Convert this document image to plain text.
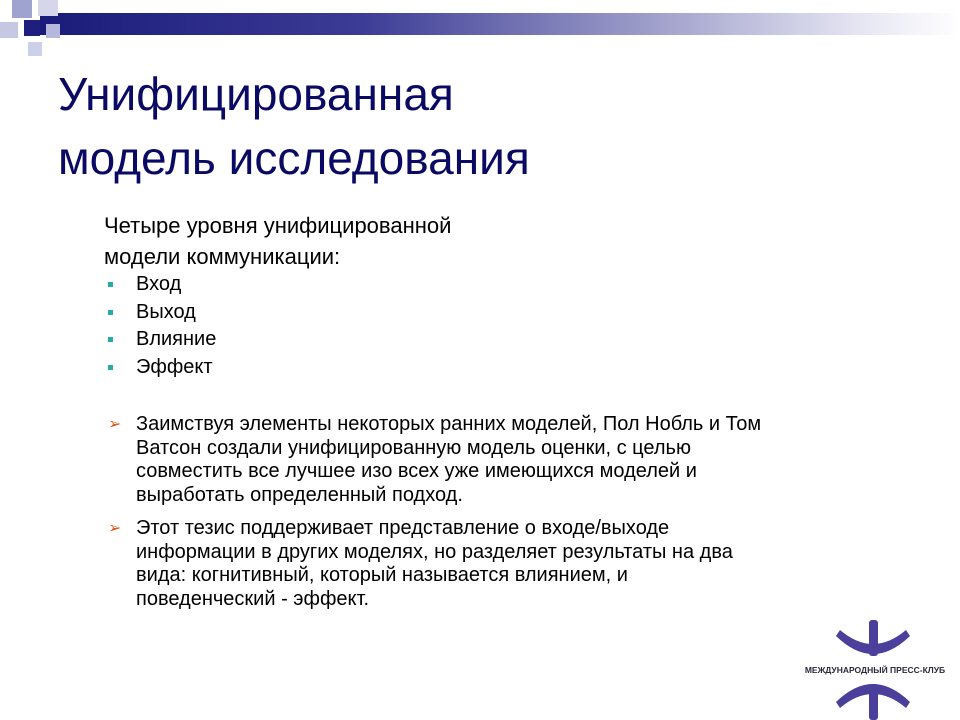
Унифицированная
модель исследования
Четыре уровня унифицированной
модели коммуникации:
Вход
Выход
Влияние
Эффект
➢ Заимствуя элементы некоторых ранних моделей, Пол Нобль и Том
Ватсон создали унифицированную модель оценки, с целью
совместить все лучшее изо всех уже имеющихся моделей и
выработать определенный подход.
➢ Этот тезис поддерживает представление о входе/выходе
информации в других моделях, но разделяет результаты на два
вида: когнитивный, который называется влиянием, и
поведенческий - эффект.
МЕЖДУНАРОДНЫЙ ПРЕСС-КЛУБ
